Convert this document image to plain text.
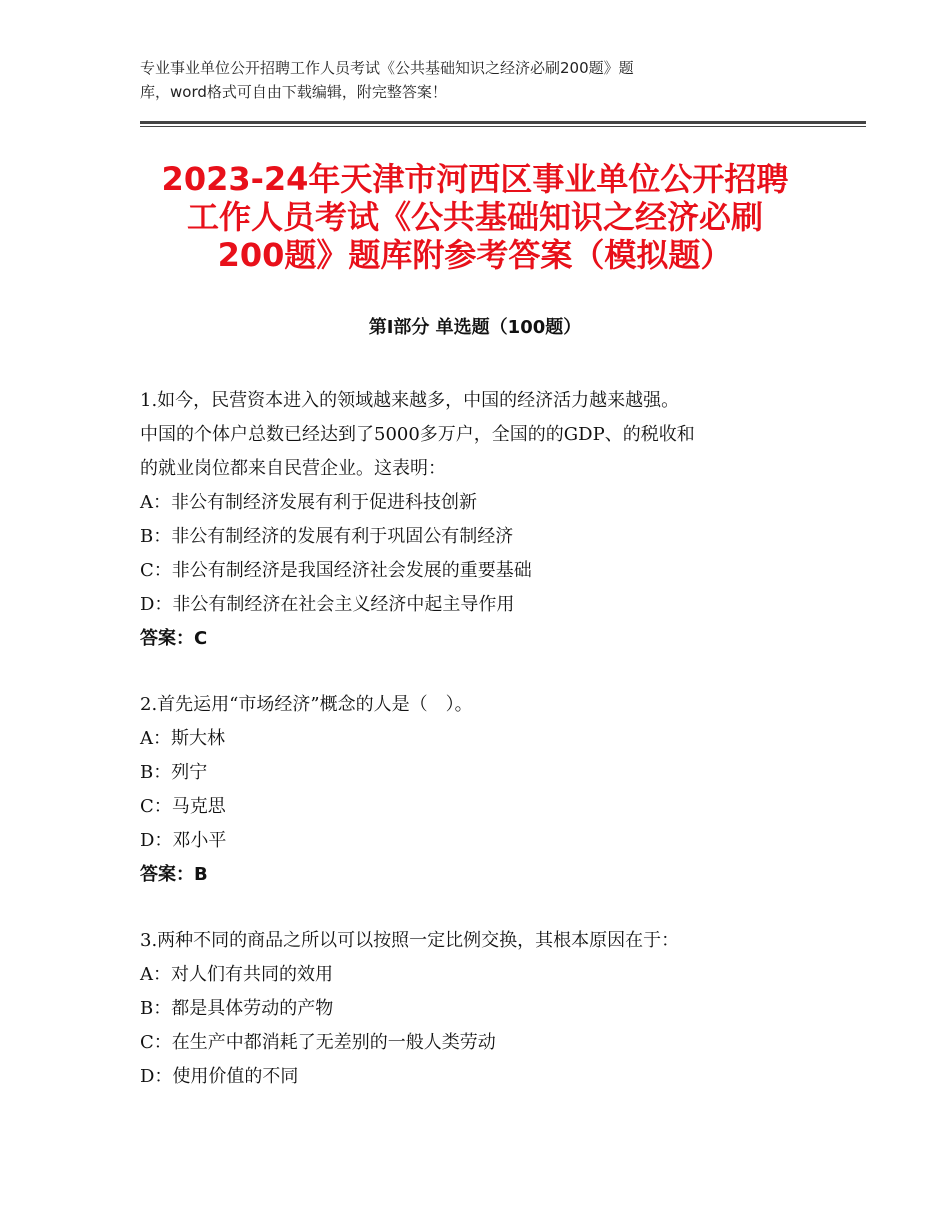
专业事业单位公开招聘工作人员考试《公共基础知识之经济必刷200题》题
库，word格式可自由下载编辑，附完整答案！
2023-24年天津市河西区事业单位公开招聘
工作人员考试《公共基础知识之经济必刷
200题》题库附参考答案（模拟题）
第Ⅰ部分 单选题（100题）
1.如今，民营资本进入的领域越来越多，中国的经济活力越来越强。
中国的个体户总数已经达到了5000多万户，全国的的GDP、的税收和
的就业岗位都来自民营企业。这表明：
A：非公有制经济发展有利于促进科技创新
B：非公有制经济的发展有利于巩固公有制经济
C：非公有制经济是我国经济社会发展的重要基础
D：非公有制经济在社会主义经济中起主导作用
答案：C
2.首先运用“市场经济”概念的人是（　）。
A：斯大林
B：列宁
C：马克思
D：邓小平
答案：B
3.两种不同的商品之所以可以按照一定比例交换，其根本原因在于：
A：对人们有共同的效用
B：都是具体劳动的产物
C：在生产中都消耗了无差别的一般人类劳动
D：使用价值的不同
